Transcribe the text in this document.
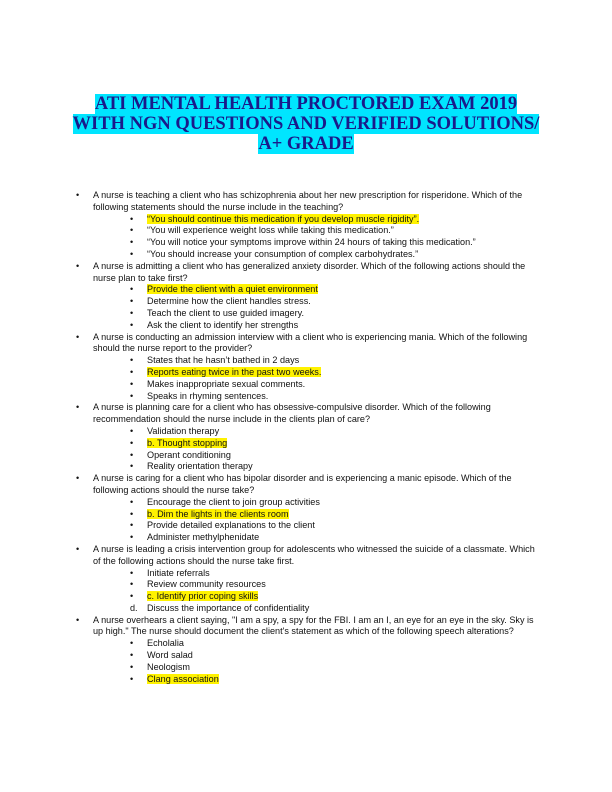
ATI MENTAL HEALTH PROCTORED EXAM 2019

WITH NGN QUESTIONS AND VERIFIED SOLUTIONS/

A+ GRADE

• A nurse is teaching a client who has schizophrenia about her new prescription for risperidone. Which of the following statements should the nurse include in the teaching?
• “You should continue this medication if you develop muscle rigidity”.
• “You will experience weight loss while taking this medication.”
• “You will notice your symptoms improve within 24 hours of taking this medication.”
• “You should increase your consumption of complex carbohydrates.”
• A nurse is admitting a client who has generalized anxiety disorder. Which of the following actions should the nurse plan to take first?
• Provide the client with a quiet environment
• Determine how the client handles stress.
• Teach the client to use guided imagery.
• Ask the client to identify her strengths
• A nurse is conducting an admission interview with a client who is experiencing mania. Which of the following should the nurse report to the provider?
• States that he hasn’t bathed in 2 days
• Reports eating twice in the past two weeks.
• Makes inappropriate sexual comments.
• Speaks in rhyming sentences.
• A nurse is planning care for a client who has obsessive-compulsive disorder. Which of the following recommendation should the nurse include in the clients plan of care?
• Validation therapy
• b. Thought stopping
• Operant conditioning
• Reality orientation therapy
• A nurse is caring for a client who has bipolar disorder and is experiencing a manic episode. Which of the following actions should the nurse take?
• Encourage the client to join group activities
• b. Dim the lights in the clients room
• Provide detailed explanations to the client
• Administer methylphenidate
• A nurse is leading a crisis intervention group for adolescents who witnessed the suicide of a classmate. Which of the following actions should the nurse take first.
• Initiate referrals
• Review community resources
• c. Identify prior coping skills
d. Discuss the importance of confidentiality
• A nurse overhears a client saying, "I am a spy, a spy for the FBI. I am an I, an eye for an eye in the sky. Sky is up high." The nurse should document the client's statement as which of the following speech alterations?
• Echolalia
• Word salad
• Neologism
• Clang association
